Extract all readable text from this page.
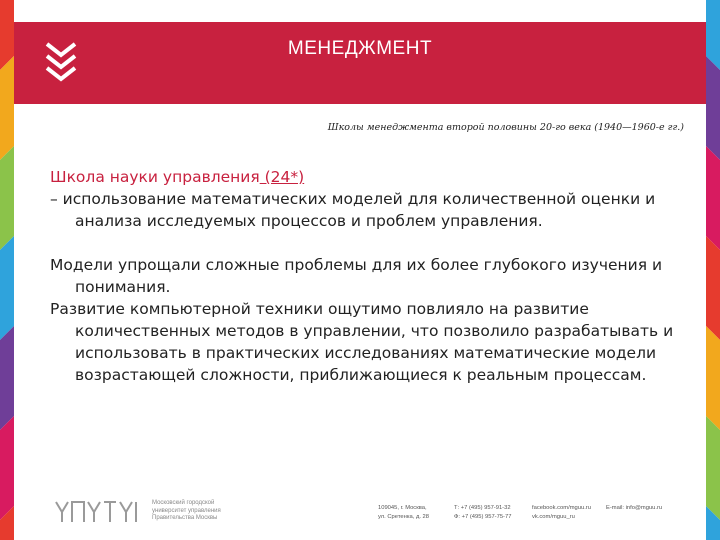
МЕНЕДЖМЕНТ
Школы менеджмента второй половины 20-го века (1940—1960-е гг.)

Школа науки управления (24*)

– использование математических моделей для количественной оценки и анализа исследуемых процессов и проблем управления.

Модели упрощали сложные проблемы для их более глубокого изучения и понимания.

Развитие компьютерной техники ощутимо повлияло на развитие количественных методов в управлении, что позволило разрабатывать и использовать в практических исследованиях математические модели возрастающей сложности, приближающиеся к реальным процессам.

Московский городской
университет управления
Правительства Москвы
109045, г. Москва,
ул. Сретенка, д. 28
Т: +7 (495) 957-91-32
Ф: +7 (495) 957-75-77
facebook.com/mguu.ru
vk.com/mguu_ru
E-mail: info@mguu.ru
